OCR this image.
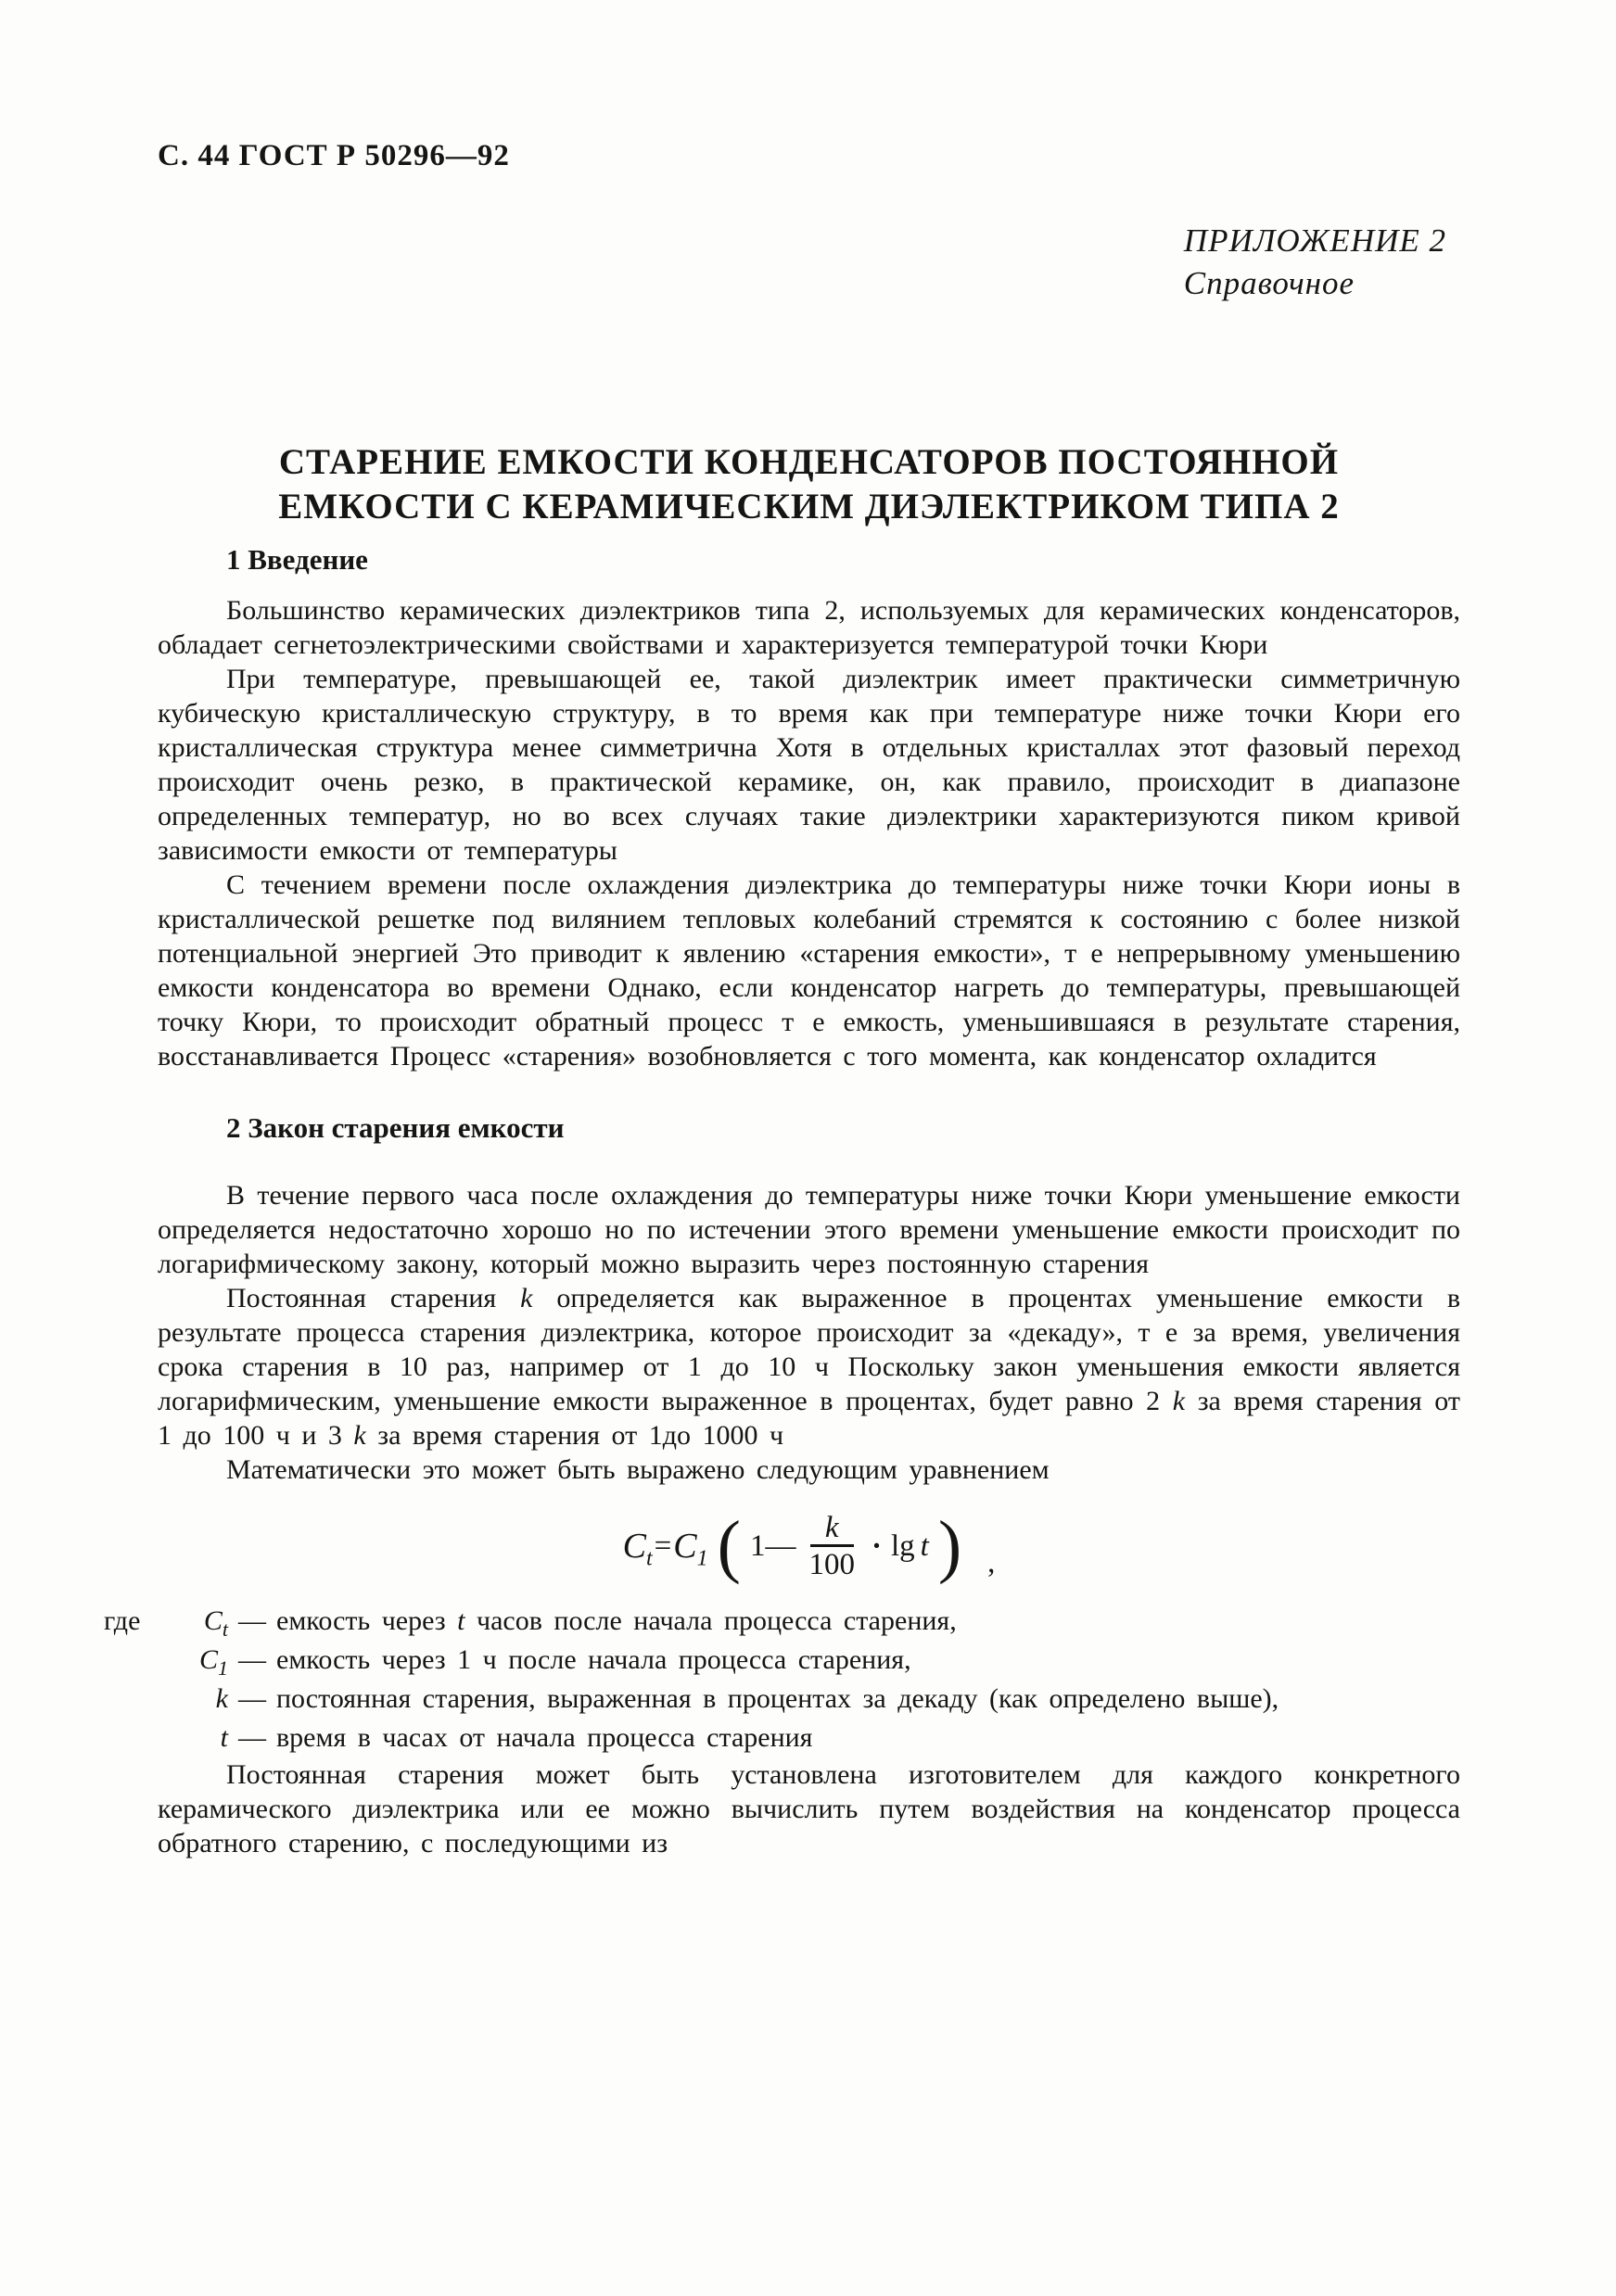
С. 44 ГОСТ Р 50296—92
ПРИЛОЖЕНИЕ 2
Справочное
СТАРЕНИЕ ЕМКОСТИ КОНДЕНСАТОРОВ ПОСТОЯННОЙ
ЕМКОСТИ С КЕРАМИЧЕСКИМ ДИЭЛЕКТРИКОМ ТИПА 2
1 Введение

Большинство керамических диэлектриков типа 2, используемых для керамических конденсаторов, обладает сегнетоэлектрическими свойствами и характеризуется температурой точки Кюри

При температуре, превышающей ее, такой диэлектрик имеет практически симметричную кубическую кристаллическую структуру, в то время как при температуре ниже точки Кюри его кристаллическая структура менее симметрична Хотя в отдельных кристаллах этот фазовый переход происходит очень резко, в практической керамике, он, как правило, происходит в диапазоне определенных температур, но во всех случаях такие диэлектрики характеризуются пиком кривой зависимости емкости от температуры

С течением времени после охлаждения диэлектрика до температуры ниже точки Кюри ионы в кристаллической решетке под вилянием тепловых колебаний стремятся к состоянию с более низкой потенциальной энергией Это приводит к явлению «старения емкости», т е непрерывному уменьшению емкости конденсатора во времени Однако, если конденсатор нагреть до температуры, превышающей точку Кюри, то происходит обратный процесс т е емкость, уменьшившаяся в результате старения, восстанавливается Процесс «старения» возобновляется с того момента, как конденсатор охладится

2 Закон старения емкости

В течение первого часа после охлаждения до температуры ниже точки Кюри уменьшение емкости определяется недостаточно хорошо но по истечении этого времени уменьшение емкости происходит по логарифмическому закону, который можно выразить через постоянную старения

Постоянная старения k определяется как выраженное в процентах уменьшение емкости в результате процесса старения диэлектрика, которое происходит за «декаду», т е за время, увеличения срока старения в 10 раз, например от 1 до 10 ч Поскольку закон уменьшения емкости является логарифмическим, уменьшение емкости выраженное в процентах, будет равно 2 k за время старения от 1 до 100 ч и 3 k за время старения от 1до 1000 ч

Математически это может быть выражено следующим уравнением

$C_t = C_1$ ( 1— $\frac{k}{100} \cdot \lg t$ ) ,
где	$C_t$ — емкость через t часов после начала процесса старения,
$C_1$ — емкость через 1 ч после начала процесса старения,
k — постоянная старения, выраженная в процентах за декаду (как определено выше),
t — время в часах от начала процесса старения

Постоянная старения может быть установлена изготовителем для каждого конкретного керамического диэлектрика или ее можно вычислить путем воздействия на конденсатор процесса обратного старению, с последующими из
